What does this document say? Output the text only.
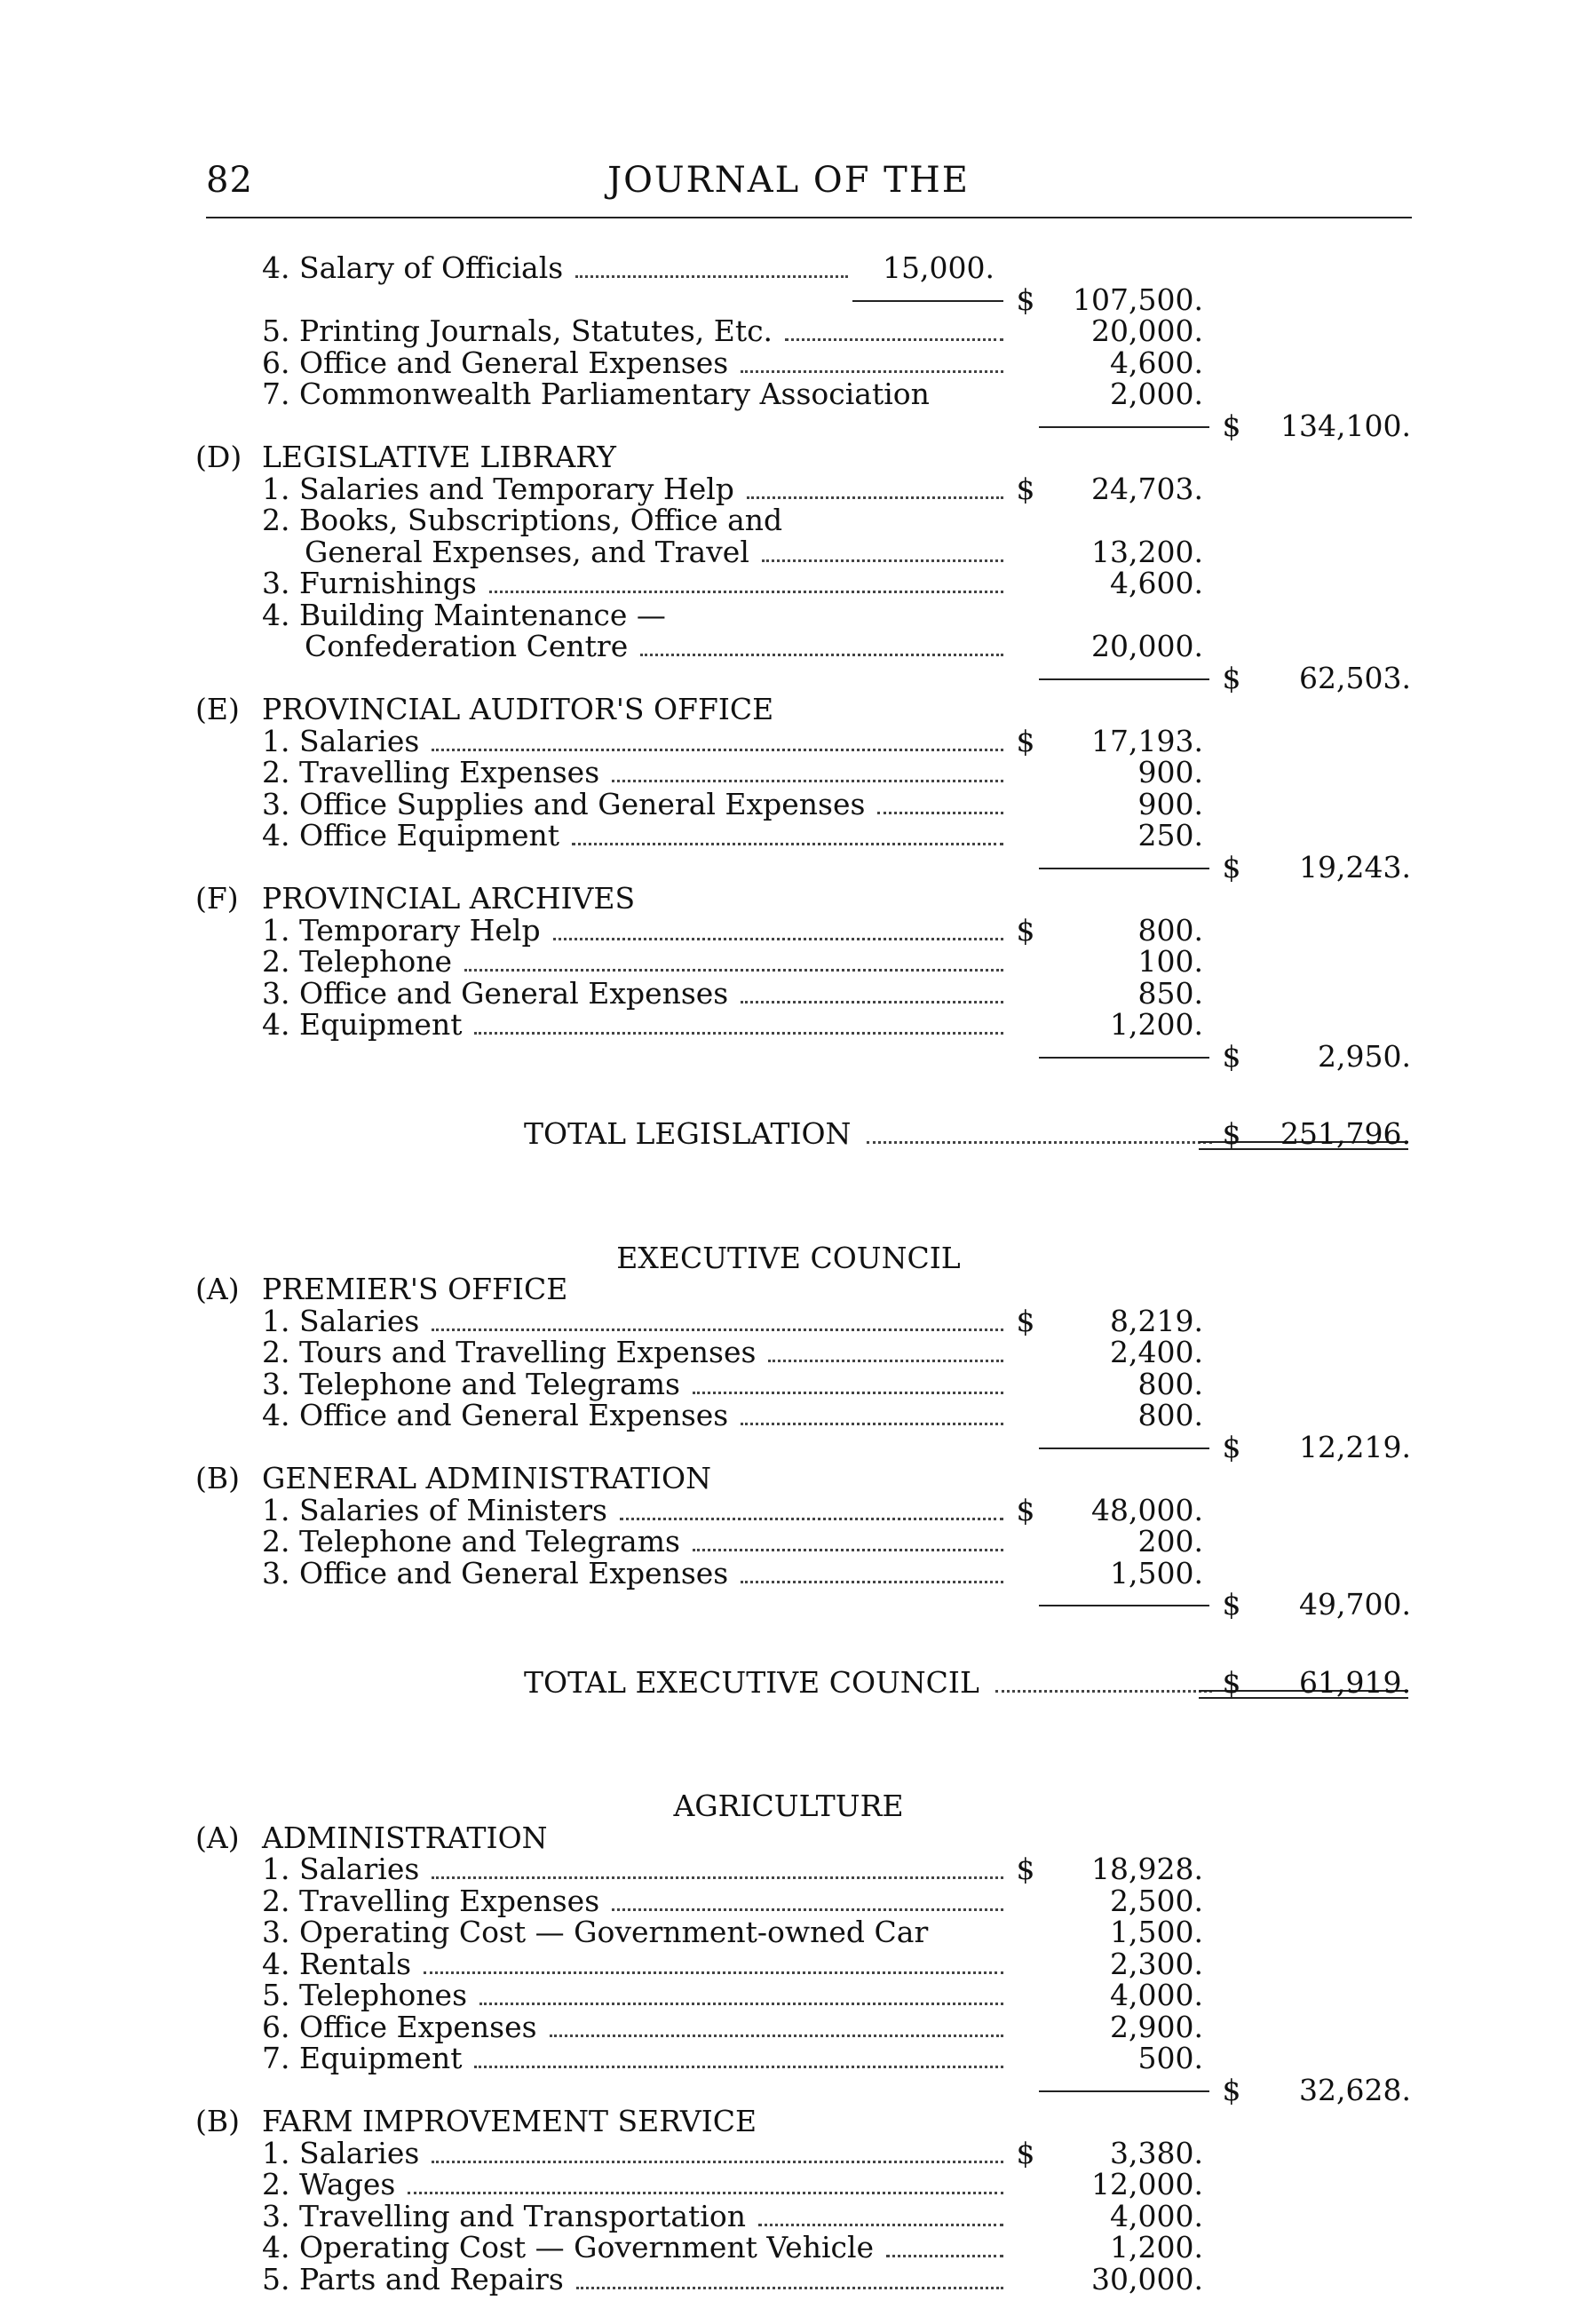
82	JOURNAL OF THE
4. Salary of Officials	15,000.
$	107,500.
5. Printing Journals, Statutes, Etc.	20,000.
6. Office and General Expenses	4,600.
7. Commonwealth Parliamentary Association	2,000.
$	134,100.
(D) LEGISLATIVE LIBRARY
1. Salaries and Temporary Help	$	24,703.
2. Books, Subscriptions, Office and
General Expenses, and Travel	13,200.
3. Furnishings	4,600.
4. Building Maintenance —
Confederation Centre	20,000.
$	62,503.
(E) PROVINCIAL AUDITOR'S OFFICE
1. Salaries	$	17,193.
2. Travelling Expenses	900.
3. Office Supplies and General Expenses	900.
4. Office Equipment	250.
$	19,243.
(F) PROVINCIAL ARCHIVES
1. Temporary Help	$	800.
2. Telephone	100.
3. Office and General Expenses	850.
4. Equipment	1,200.
$	2,950.
TOTAL LEGISLATION	$	251,796.
EXECUTIVE COUNCIL
(A) PREMIER'S OFFICE
1. Salaries	$	8,219.
2. Tours and Travelling Expenses	2,400.
3. Telephone and Telegrams	800.
4. Office and General Expenses	800.
$	12,219.
(B) GENERAL ADMINISTRATION
1. Salaries of Ministers	$	48,000.
2. Telephone and Telegrams	200.
3. Office and General Expenses	1,500.
$	49,700.
TOTAL EXECUTIVE COUNCIL	$	61,919.
AGRICULTURE
(A) ADMINISTRATION
1. Salaries	$	18,928.
2. Travelling Expenses	2,500.
3. Operating Cost — Government-owned Car	1,500.
4. Rentals	2,300.
5. Telephones	4,000.
6. Office Expenses	2,900.
7. Equipment	500.
$	32,628.
(B) FARM IMPROVEMENT SERVICE
1. Salaries	$	3,380.
2. Wages	12,000.
3. Travelling and Transportation	4,000.
4. Operating Cost — Government Vehicle	1,200.
5. Parts and Repairs	30,000.
